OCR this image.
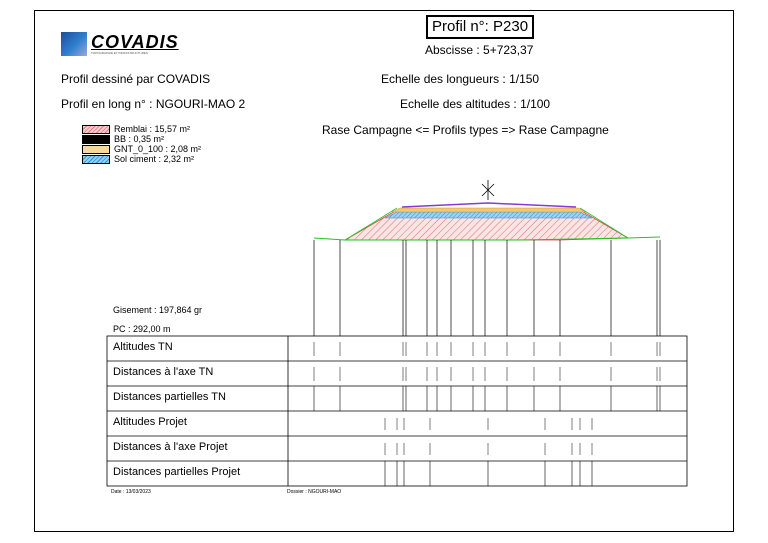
COVADIS
TOPOGRAPHIE ET INFRASTRUCTURES
Profil n°: P230
Abscisse : 5+723,37
Profil dessiné par COVADIS
Profil en long n° : NGOURI-MAO 2
Echelle des longueurs : 1/150
Echelle des altitudes : 1/100
Rase Campagne <= Profils types => Rase Campagne
Remblai : 15,57 m²
BB : 0,35 m²
GNT_0_100 : 2,08 m²
Sol ciment : 2,32 m²
Gisement : 197,864 gr
PC : 292,00 m
Altitudes TN
Distances à l'axe TN
Distances partielles TN
Altitudes Projet
Distances à l'axe Projet
Distances partielles Projet
Date : 13/03/2023	Dossier : NGOURI-MAO
